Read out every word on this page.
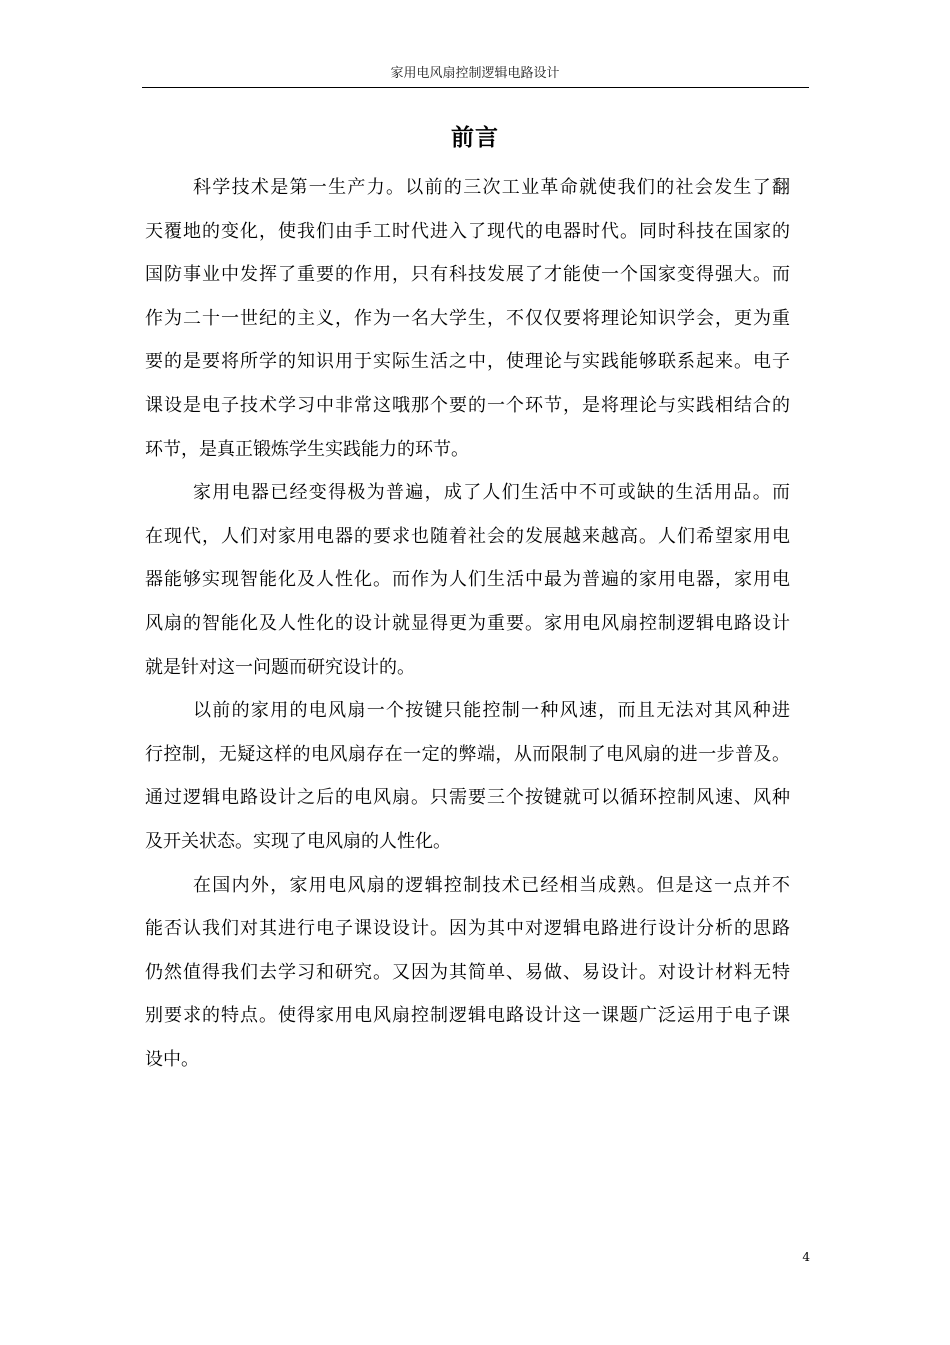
家用电风扇控制逻辑电路设计
前言

科学技术是第一生产力。以前的三次工业革命就使我们的社会发生了翻
天覆地的变化，使我们由手工时代进入了现代的电器时代。同时科技在国家的
国防事业中发挥了重要的作用，只有科技发展了才能使一个国家变得强大。而
作为二十一世纪的主义，作为一名大学生，不仅仅要将理论知识学会，更为重
要的是要将所学的知识用于实际生活之中，使理论与实践能够联系起来。电子
课设是电子技术学习中非常这哦那个要的一个环节，是将理论与实践相结合的
环节，是真正锻炼学生实践能力的环节。

家用电器已经变得极为普遍，成了人们生活中不可或缺的生活用品。而
在现代，人们对家用电器的要求也随着社会的发展越来越高。人们希望家用电
器能够实现智能化及人性化。而作为人们生活中最为普遍的家用电器，家用电
风扇的智能化及人性化的设计就显得更为重要。家用电风扇控制逻辑电路设计
就是针对这一问题而研究设计的。

以前的家用的电风扇一个按键只能控制一种风速，而且无法对其风种进
行控制，无疑这样的电风扇存在一定的弊端，从而限制了电风扇的进一步普及。
通过逻辑电路设计之后的电风扇。只需要三个按键就可以循环控制风速、风种
及开关状态。实现了电风扇的人性化。

在国内外，家用电风扇的逻辑控制技术已经相当成熟。但是这一点并不
能否认我们对其进行电子课设设计。因为其中对逻辑电路进行设计分析的思路
仍然值得我们去学习和研究。又因为其简单、易做、易设计。对设计材料无特
别要求的特点。使得家用电风扇控制逻辑电路设计这一课题广泛运用于电子课
设中。

4
